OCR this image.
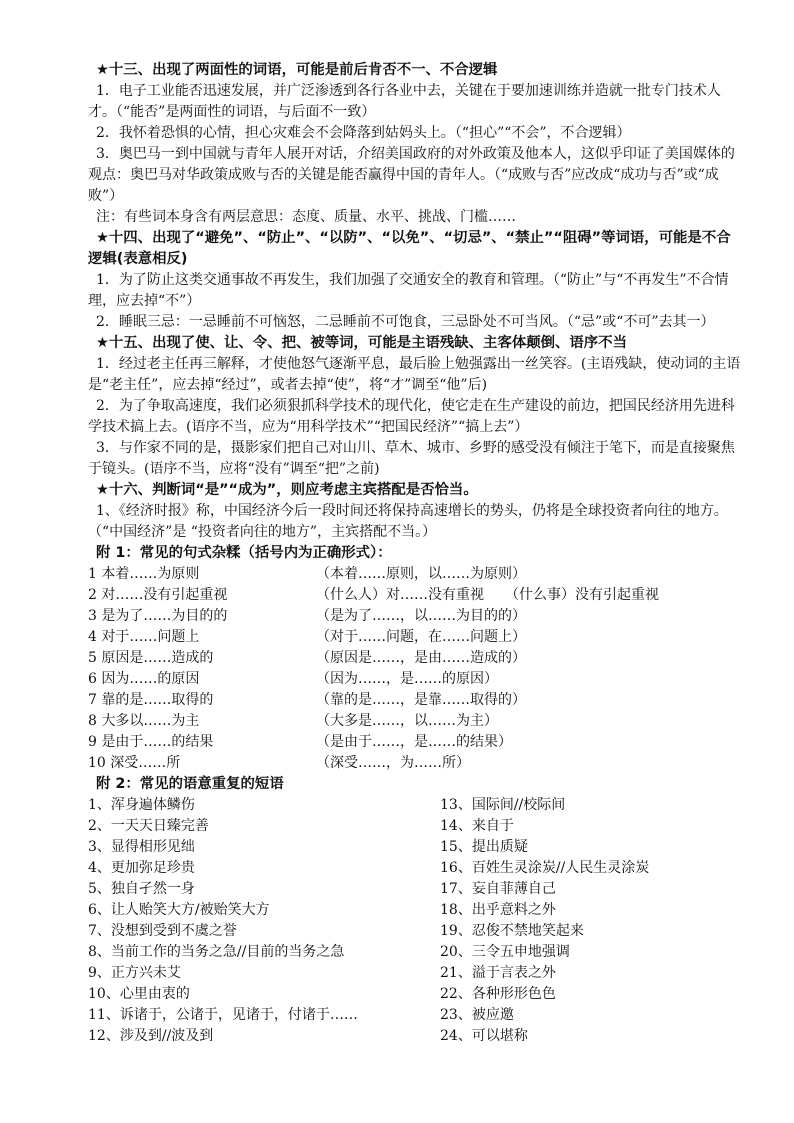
★十三、出现了两面性的词语，可能是前后肯否不一、不合逻辑
1．电子工业能否迅速发展，并广泛渗透到各行各业中去，关键在于要加速训练并造就一批专门技术人才。（“能否”是两面性的词语，与后面不一致）
2．我怀着恐惧的心情，担心灾难会不会降落到姑妈头上。（“担心”“不会”，不合逻辑）
3．奥巴马一到中国就与青年人展开对话，介绍美国政府的对外政策及他本人，这似乎印证了美国媒体的观点：奥巴马对华政策成败与否的关键是能否赢得中国的青年人。（“成败与否”应改成“成功与否”或“成败”）
注：有些词本身含有两层意思：态度、质量、水平、挑战、门槛……
★十四、出现了“避免”、“防止”、“以防”、“以免”、“切忌”、“禁止”“阻碍”等词语，可能是不合逻辑(表意相反)
1．为了防止这类交通事故不再发生，我们加强了交通安全的教育和管理。（“防止”与“不再发生”不合情理，应去掉“不”）
2．睡眠三忌：一忌睡前不可恼怒，二忌睡前不可饱食，三忌卧处不可当风。（“忌”或“不可”去其一）
★十五、出现了使、让、令、把、被等词，可能是主语残缺、主客体颠倒、语序不当
1．经过老主任再三解释，才使他怒气逐渐平息，最后脸上勉强露出一丝笑容。(主语残缺，使动词的主语是“老主任”，应去掉“经过”，或者去掉“使”，将“才”调至“他”后)
2．为了争取高速度，我们必须狠抓科学技术的现代化，使它走在生产建设的前边，把国民经济用先进科学技术搞上去。(语序不当，应为“用科学技术”“把国民经济”“搞上去”）
3．与作家不同的是，摄影家们把自己对山川、草木、城市、乡野的感受没有倾注于笔下，而是直接聚焦于镜头。(语序不当，应将“没有”调至“把”之前)
★十六、判断词“是”“成为”，则应考虑主宾搭配是否恰当。
1、《经济时报》称，中国经济今后一段时间还将保持高速增长的势头，仍将是全球投资者向往的地方。（“中国经济”是 “投资者向往的地方”，主宾搭配不当。）
附 1：常见的句式杂糅（括号内为正确形式）：
1 本着……为原则	（本着……原则，以……为原则）
2 对……没有引起重视	（什么人）对……没有重视　　（什么事）没有引起重视
3 是为了……为目的的	（是为了……，以……为目的的）
4 对于……问题上	（对于……问题，在……问题上）
5 原因是……造成的	（原因是……，是由……造成的）
6 因为……的原因	（因为……，是……的原因）
7 靠的是……取得的	（靠的是……，是靠……取得的）
8 大多以……为主	（大多是……，以……为主）
9 是由于……的结果	（是由于……，是……的结果）
10 深受……所	（深受……，为……所）
附 2：常见的语意重复的短语
1、浑身遍体鳞伤	13、国际间//校际间
2、一天天日臻完善	14、来自于
3、显得相形见绌	15、提出质疑
4、更加弥足珍贵	16、百姓生灵涂炭//人民生灵涂炭
5、独自孑然一身	17、妄自菲薄自己
6、让人贻笑大方/被贻笑大方	18、出乎意料之外
7、没想到受到不虞之誉	19、忍俊不禁地笑起来
8、当前工作的当务之急//目前的当务之急	20、三令五申地强调
9、正方兴未艾	21、溢于言表之外
10、心里由衷的	22、各种形形色色
11、诉诸于，公诸于，见诸于，付诸于……	23、被应邀
12、涉及到//波及到	24、可以堪称
